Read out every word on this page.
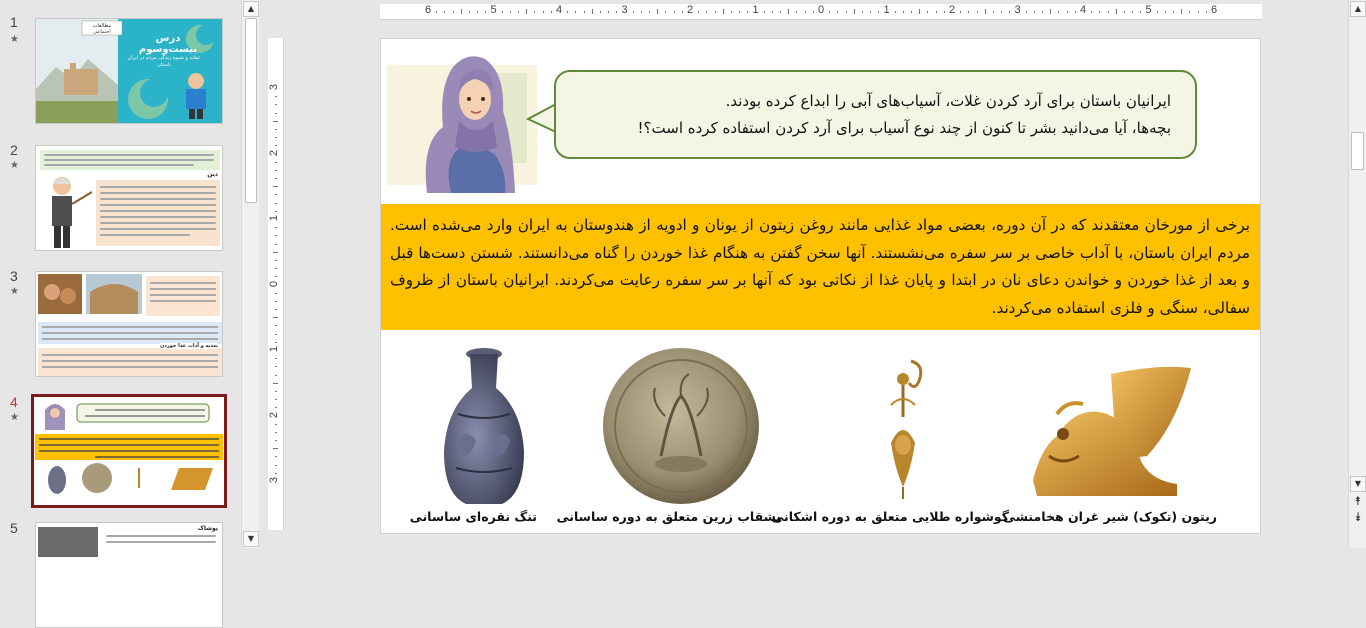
1
★
مطالعات اجتماعی
درس بیست‌وسوم
عقاید و شیوه زندگی مردم در ایران باستان
2
★
دین
3
★
تغذیه و آداب غذا خوردن
4
★
5	پوشاک
▲
▼
6	5	4	3	2	1	0	1	2	3	4	5	6
3
2
1
0
1
2
3
ایرانیان باستان برای آرد کردن غلات، آسیاب‌های آبی را ابداع کرده بودند.
بچه‌ها، آیا می‌دانید بشر تا کنون از چند نوع آسیاب برای آرد کردن استفاده کرده است؟!
برخی از مورخان معتقدند که در آن دوره، بعضی مواد غذایی مانند روغن زیتون از یونان و ادویه از هندوستان به ایران وارد می‌شده است. مردم ایران باستان، با آداب خاصی بر سر سفره می‌نشستند. آنها سخن گفتن به هنگام غذا خوردن را گناه می‌دانستند. شستن دست‌ها قبل و بعد از غذا خوردن و خواندن دعای نان در ابتدا و پایان غذا از نکاتی بود که آنها بر سر سفره رعایت می‌کردند. ایرانیان باستان از ظروف سفالی، سنگی و فلزی استفاده می‌کردند.
تنگ نقره‌ای ساسانی بشقاب زرین متعلق به دوره ساسانی
گوشواره طلایی متعلق به دوره اشکانی
ریتون (تکوک) شیر غران هخامنشی
▲
▼
⯭
⯯
